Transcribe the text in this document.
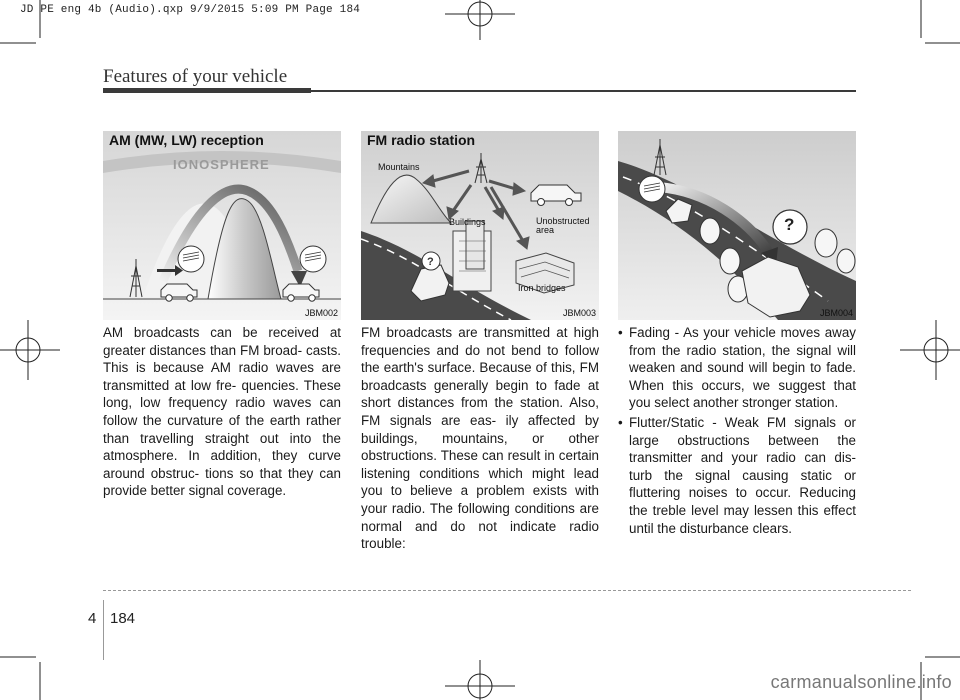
JD PE eng 4b (Audio).qxp 9/9/2015 5:09 PM Page 184
Features of your vehicle
IONOSPHERE
AM (MW, LW) reception
JBM002
?
Mountains
Buildings	Unobstructed area
Iron bridges
FM radio station
JBM003
?
JBM004

AM broadcasts can be received at greater distances than FM broad- casts. This is because AM radio waves are transmitted at low fre- quencies. These long, low frequency radio waves can follow the curvature of the earth rather than travelling straight out into the atmosphere. In addition, they curve around obstruc- tions so that they can provide better signal coverage.

FM broadcasts are transmitted at high frequencies and do not bend to follow the earth's surface. Because of this, FM broadcasts generally begin to fade at short distances from the station. Also, FM signals are eas- ily affected by buildings, mountains, or other obstructions. These can result in certain listening conditions which might lead you to believe a problem exists with your radio. The following conditions are normal and do not indicate radio trouble:

• Fading - As your vehicle moves away from the radio station, the signal will weaken and sound will begin to fade. When this occurs, we suggest that you select another stronger station.
• Flutter/Static - Weak FM signals or large obstructions between the transmitter and your radio can dis- turb the signal causing static or fluttering noises to occur. Reducing the treble level may lessen this effect until the disturbance clears.
4 184
carmanualsonline.info
